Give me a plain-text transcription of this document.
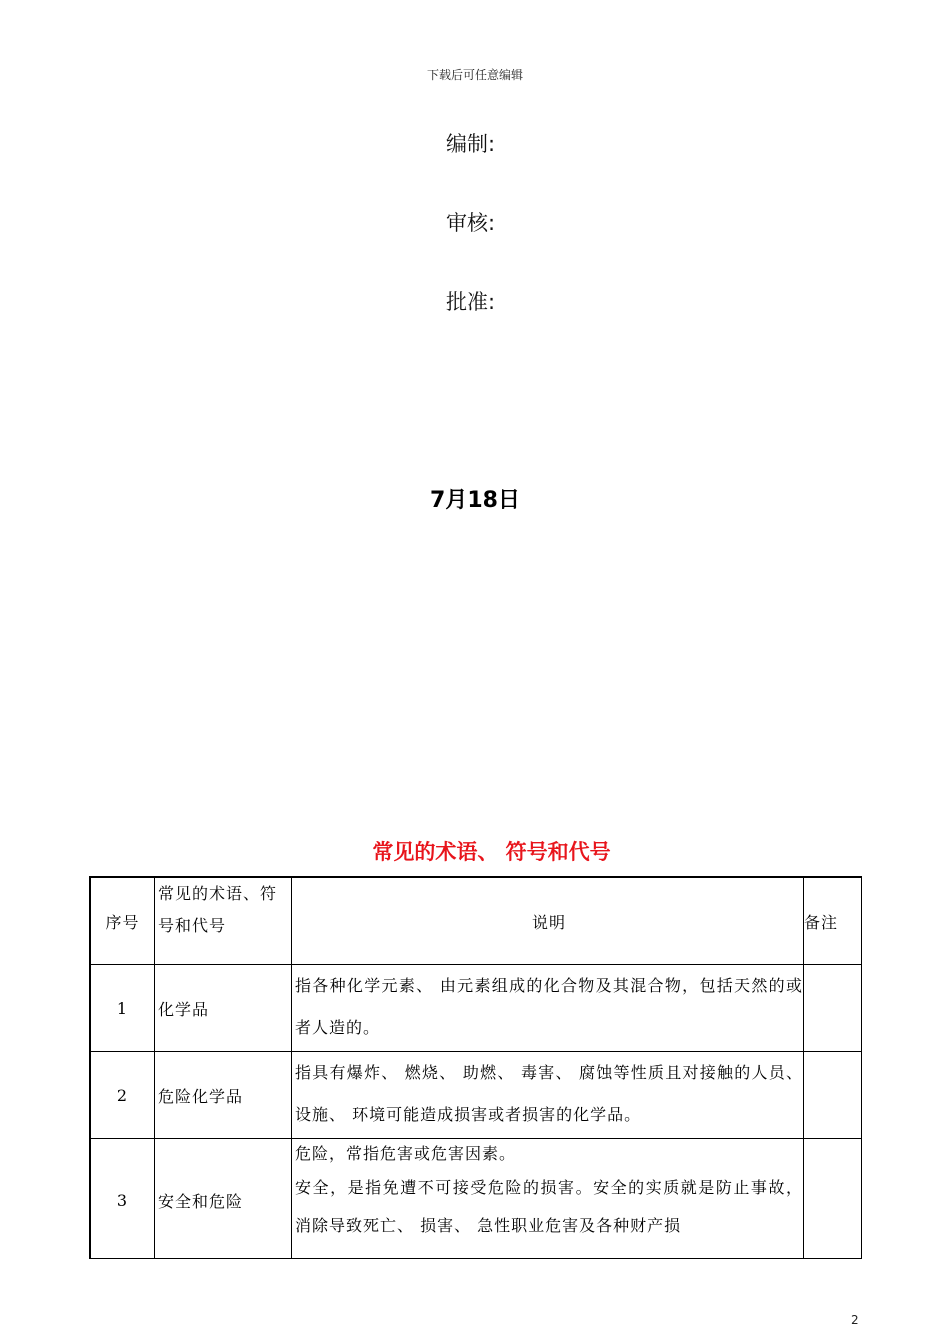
下载后可任意编辑
编制:
审核:
批准:
7月18日
常见的术语、 符号和代号
序号	常见的术语、符号和代号	说明	备注
1	化学品	指各种化学元素、 由元素组成的化合物及其混合物，包括天然的或者人造的。	

2	危险化学品	指具有爆炸、 燃烧、 助燃、 毒害、 腐蚀等性质且对接触的人员、 设施、 环境可能造成损害或者损害的化学品。	

3	安全和危险	危险，常指危害或危害因素。
安全，是指免遭不可接受危险的损害。安全的实质就是防止事故，消除导致死亡、 损害、 急性职业危害及各种财产损	

2
